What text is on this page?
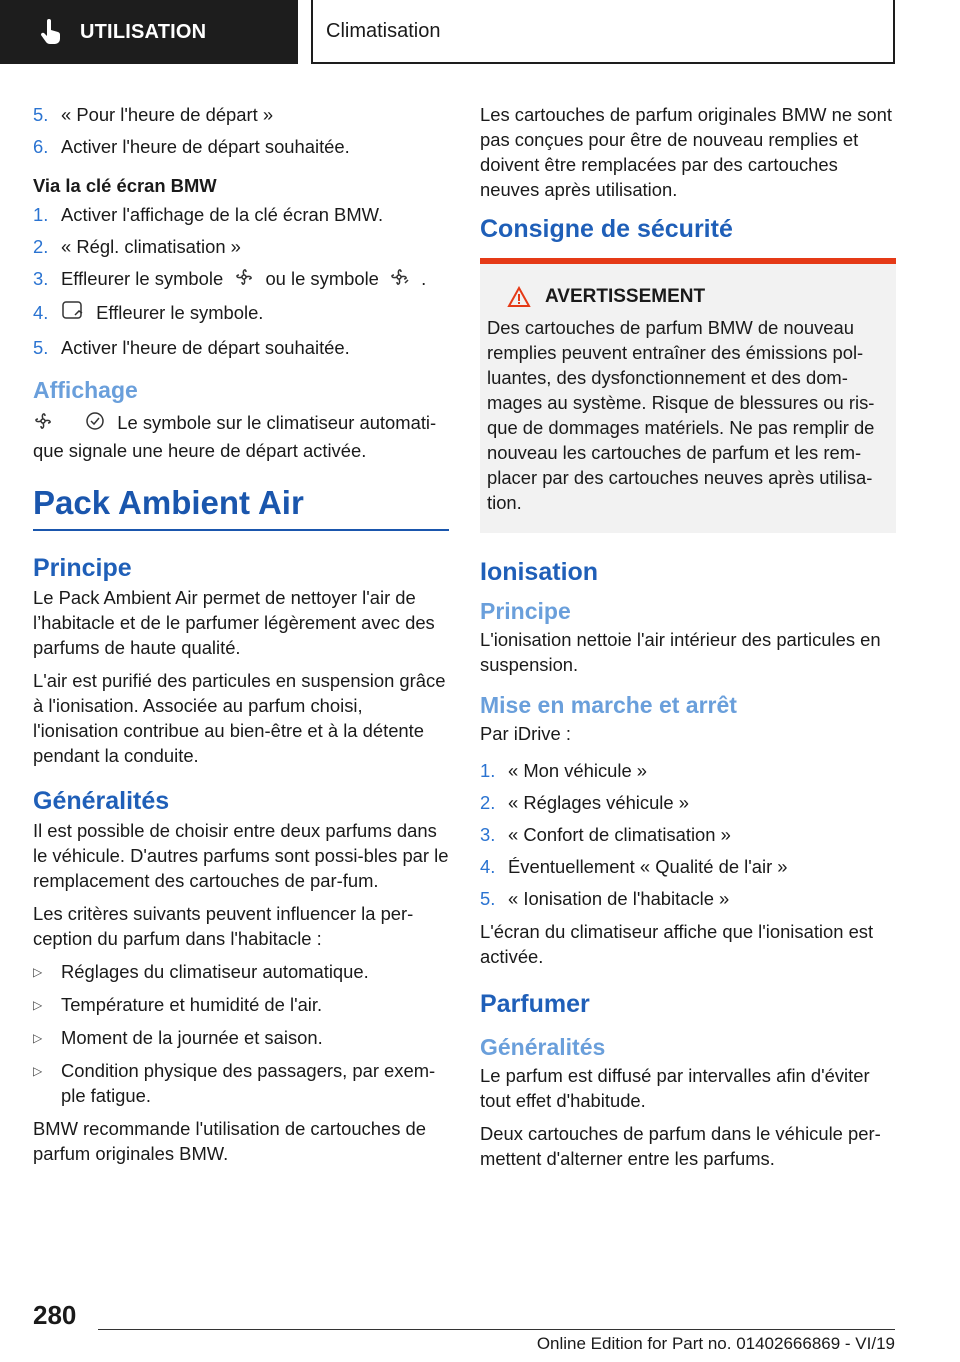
UTILISATION	Climatisation
5. « Pour l'heure de départ »
6. Activer l'heure de départ souhaitée.
Via la clé écran BMW
1. Activer l'affichage de la clé écran BMW.
2. « Régl. climatisation »
3. Effleurer le symbole ou le symbole .
4.	Effleurer le symbole.
5. Activer l'heure de départ souhaitée.
Affichage

Le symbole sur le climatiseur automati- que signale une heure de départ activée.

Pack Ambient Air
Principe

Le Pack Ambient Air permet de nettoyer l'air de l’habitacle et de le parfumer légèrement avec des parfums de haute qualité.

L'air est purifié des particules en suspension grâce à l'ionisation. Associée au parfum choisi, l'ionisation contribue au bien-être et à la détente pendant la conduite.

Généralités

Il est possible de choisir entre deux parfums dans le véhicule. D'autres parfums sont possi-bles par le remplacement des cartouches de par-fum.

Les critères suivants peuvent influencer la per-ception du parfum dans l'habitacle :

▷	Réglages du climatiseur automatique.
▷	Température et humidité de l'air.
▷	Moment de la journée et saison.
▷	Condition physique des passagers, par exem-ple fatigue.

BMW recommande l'utilisation de cartouches de parfum originales BMW.

Les cartouches de parfum originales BMW ne sont pas conçues pour être de nouveau remplies et doivent être remplacées par des cartouches neuves après utilisation.

Consigne de sécurité
AVERTISSEMENT
Des cartouches de parfum BMW de nouveau remplies peuvent entraîner des émissions pol-luantes, des dysfonctionnement et des dom-mages au système. Risque de blessures ou ris-que de dommages matériels. Ne pas remplir de nouveau les cartouches de parfum et les rem-placer par des cartouches neuves après utilisa-tion.
Ionisation
Principe

L'ionisation nettoie l'air intérieur des particules en suspension.

Mise en marche et arrêt

Par iDrive :

1. « Mon véhicule »
2. « Réglages véhicule »
3. « Confort de climatisation »
4. Éventuellement « Qualité de l'air »
5. « Ionisation de l'habitacle »

L'écran du climatiseur affiche que l'ionisation est activée.

Parfumer
Généralités

Le parfum est diffusé par intervalles afin d'éviter tout effet d'habitude.

Deux cartouches de parfum dans le véhicule per-mettent d'alterner entre les parfums.

280
Online Edition for Part no. 01402666869 - VI/19
